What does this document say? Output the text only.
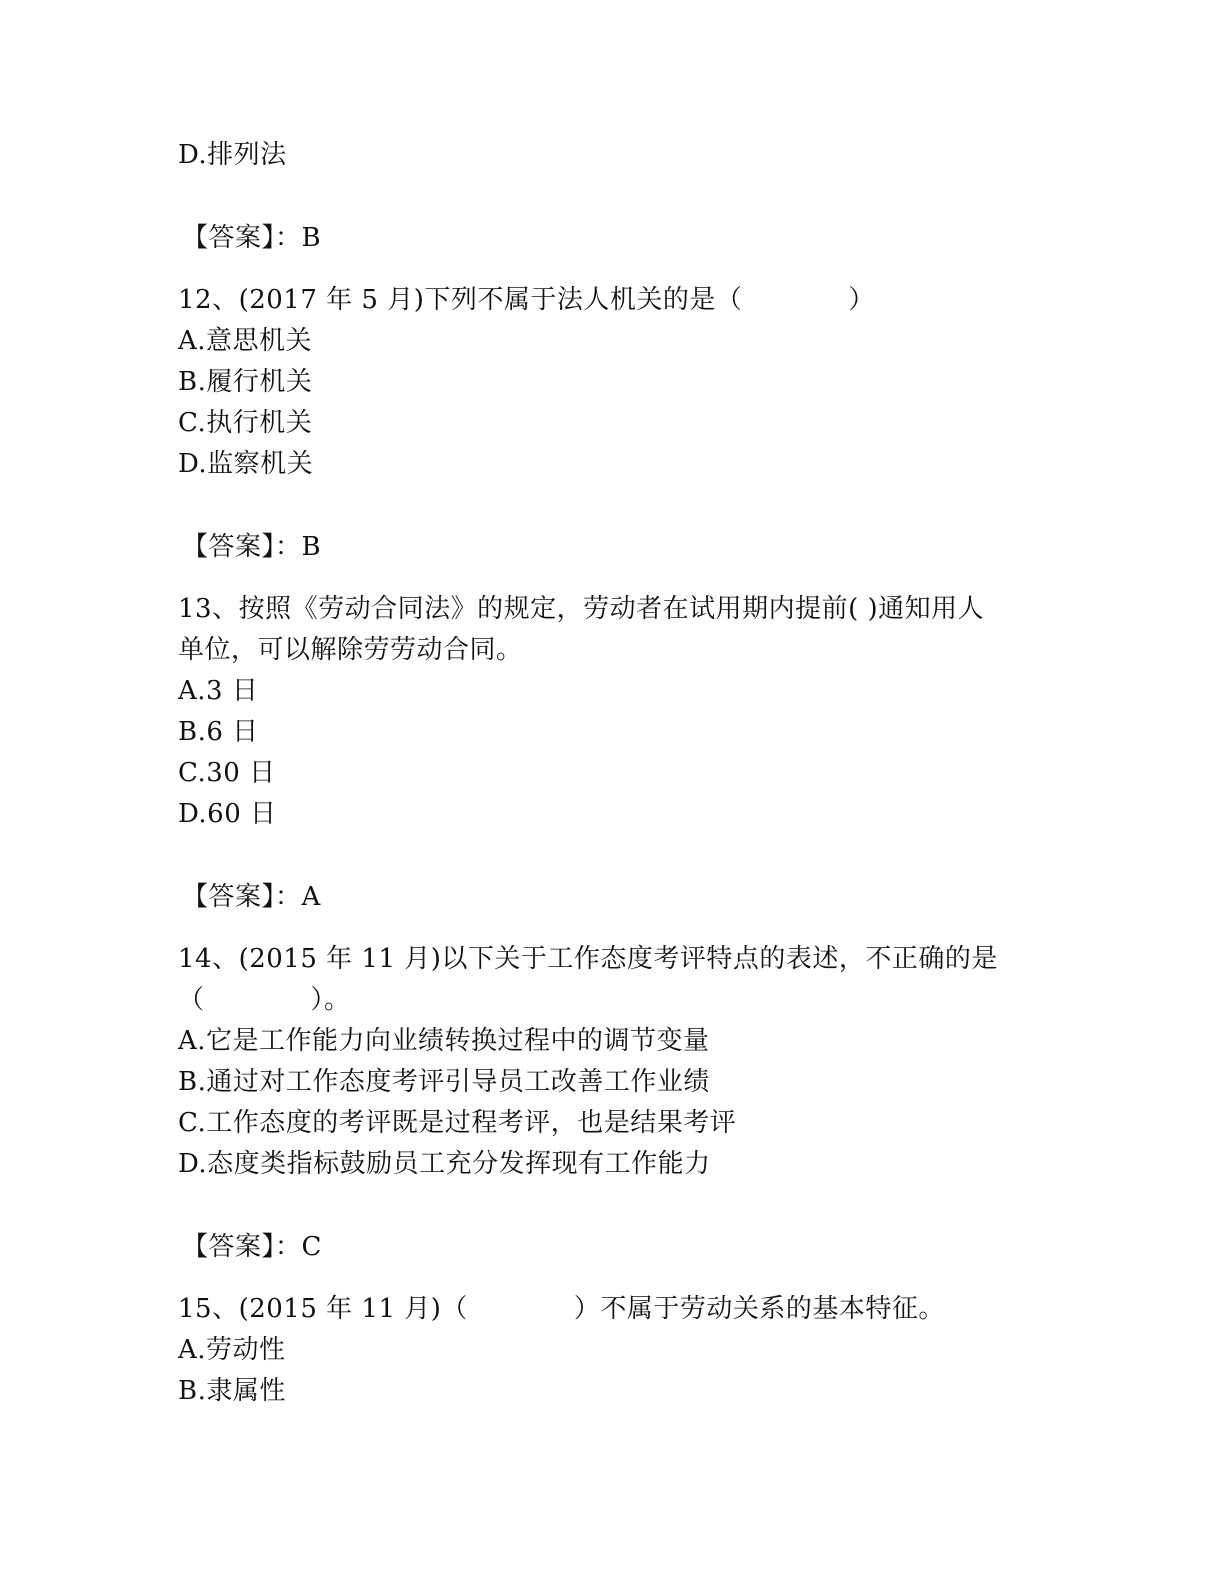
D.排列法
【答案】：B
12、(2017 年 5 月)下列不属于法人机关的是（　　　　）
A.意思机关
B.履行机关
C.执行机关
D.监察机关
【答案】：B
13、按照《劳动合同法》的规定，劳动者在试用期内提前( )通知用人
单位，可以解除劳劳动合同。
A.3 日
B.6 日
C.30 日
D.60 日
【答案】：A
14、(2015 年 11 月)以下关于工作态度考评特点的表述，不正确的是
（　　　　）。
A.它是工作能力向业绩转换过程中的调节变量
B.通过对工作态度考评引导员工改善工作业绩
C.工作态度的考评既是过程考评，也是结果考评
D.态度类指标鼓励员工充分发挥现有工作能力
【答案】：C
15、(2015 年 11 月)（　　　　）不属于劳动关系的基本特征。
A.劳动性
B.隶属性
